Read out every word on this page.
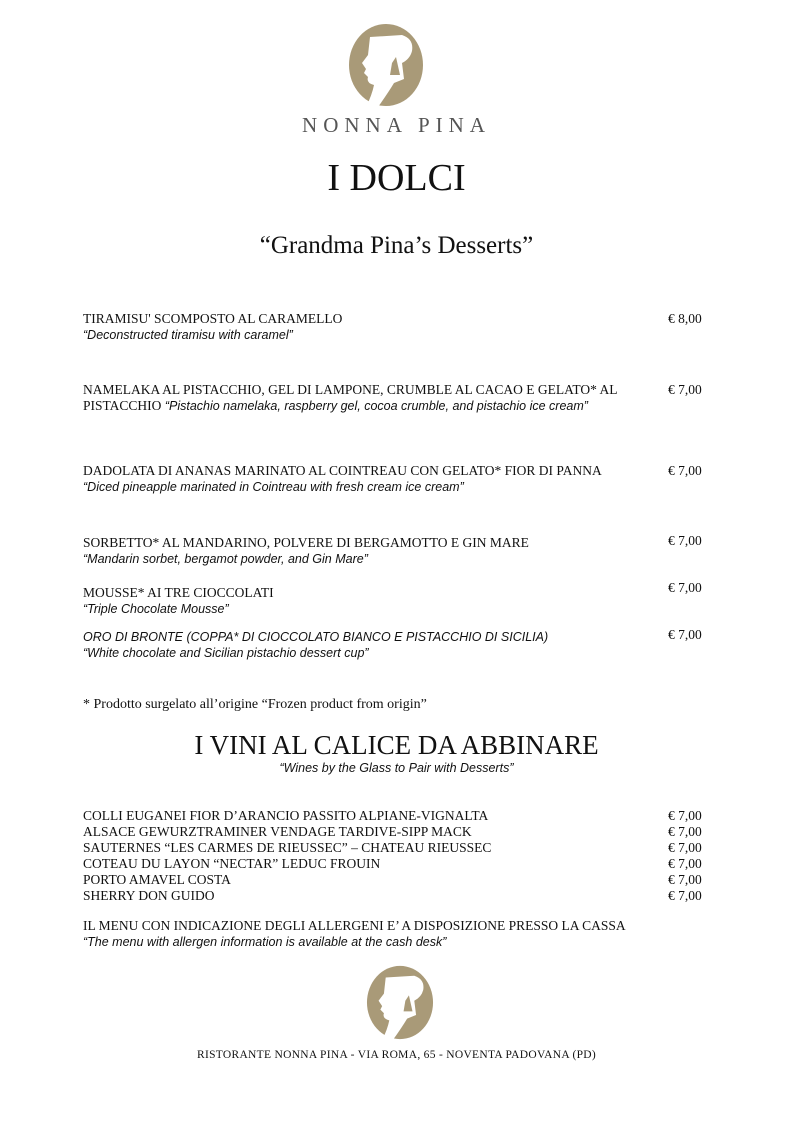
NONNA PINA
I DOLCI
“Grandma Pina’s Desserts”
TIRAMISU' SCOMPOSTO AL CARAMELLO
“Deconstructed tiramisu with caramel”
€ 8,00
NAMELAKA AL PISTACCHIO, GEL DI LAMPONE, CRUMBLE AL CACAO E GELATO* AL PISTACCHIO “Pistachio namelaka, raspberry gel, cocoa crumble, and pistachio ice cream”
€ 7,00
DADOLATA DI ANANAS MARINATO AL COINTREAU CON GELATO* FIOR DI PANNA “Diced pineapple marinated in Cointreau with fresh cream ice cream”
€ 7,00
SORBETTO* AL MANDARINO, POLVERE DI BERGAMOTTO E GIN MARE
“Mandarin sorbet, bergamot powder, and Gin Mare”
€ 7,00
MOUSSE* AI TRE CIOCCOLATI
“Triple Chocolate Mousse”
€ 7,00
ORO DI BRONTE (COPPA* DI CIOCCOLATO BIANCO E PISTACCHIO DI SICILIA)
“White chocolate and Sicilian pistachio dessert cup”
€ 7,00
* Prodotto surgelato all’origine “Frozen product from origin”
I VINI AL CALICE DA ABBINARE
“Wines by the Glass to Pair with Desserts”
COLLI EUGANEI FIOR D’ARANCIO PASSITO ALPIANE-VIGNALTA	€ 7,00
ALSACE GEWURZTRAMINER VENDAGE TARDIVE-SIPP MACK	€ 7,00
SAUTERNES “LES CARMES DE RIEUSSEC” – CHATEAU RIEUSSEC	€ 7,00
COTEAU DU LAYON “NECTAR” LEDUC FROUIN	€ 7,00
PORTO AMAVEL COSTA	€ 7,00
SHERRY DON GUIDO	€ 7,00
IL MENU CON INDICAZIONE DEGLI ALLERGENI E’ A DISPOSIZIONE PRESSO LA CASSA
“The menu with allergen information is available at the cash desk”
RISTORANTE NONNA PINA - VIA ROMA, 65 - NOVENTA PADOVANA (PD)
